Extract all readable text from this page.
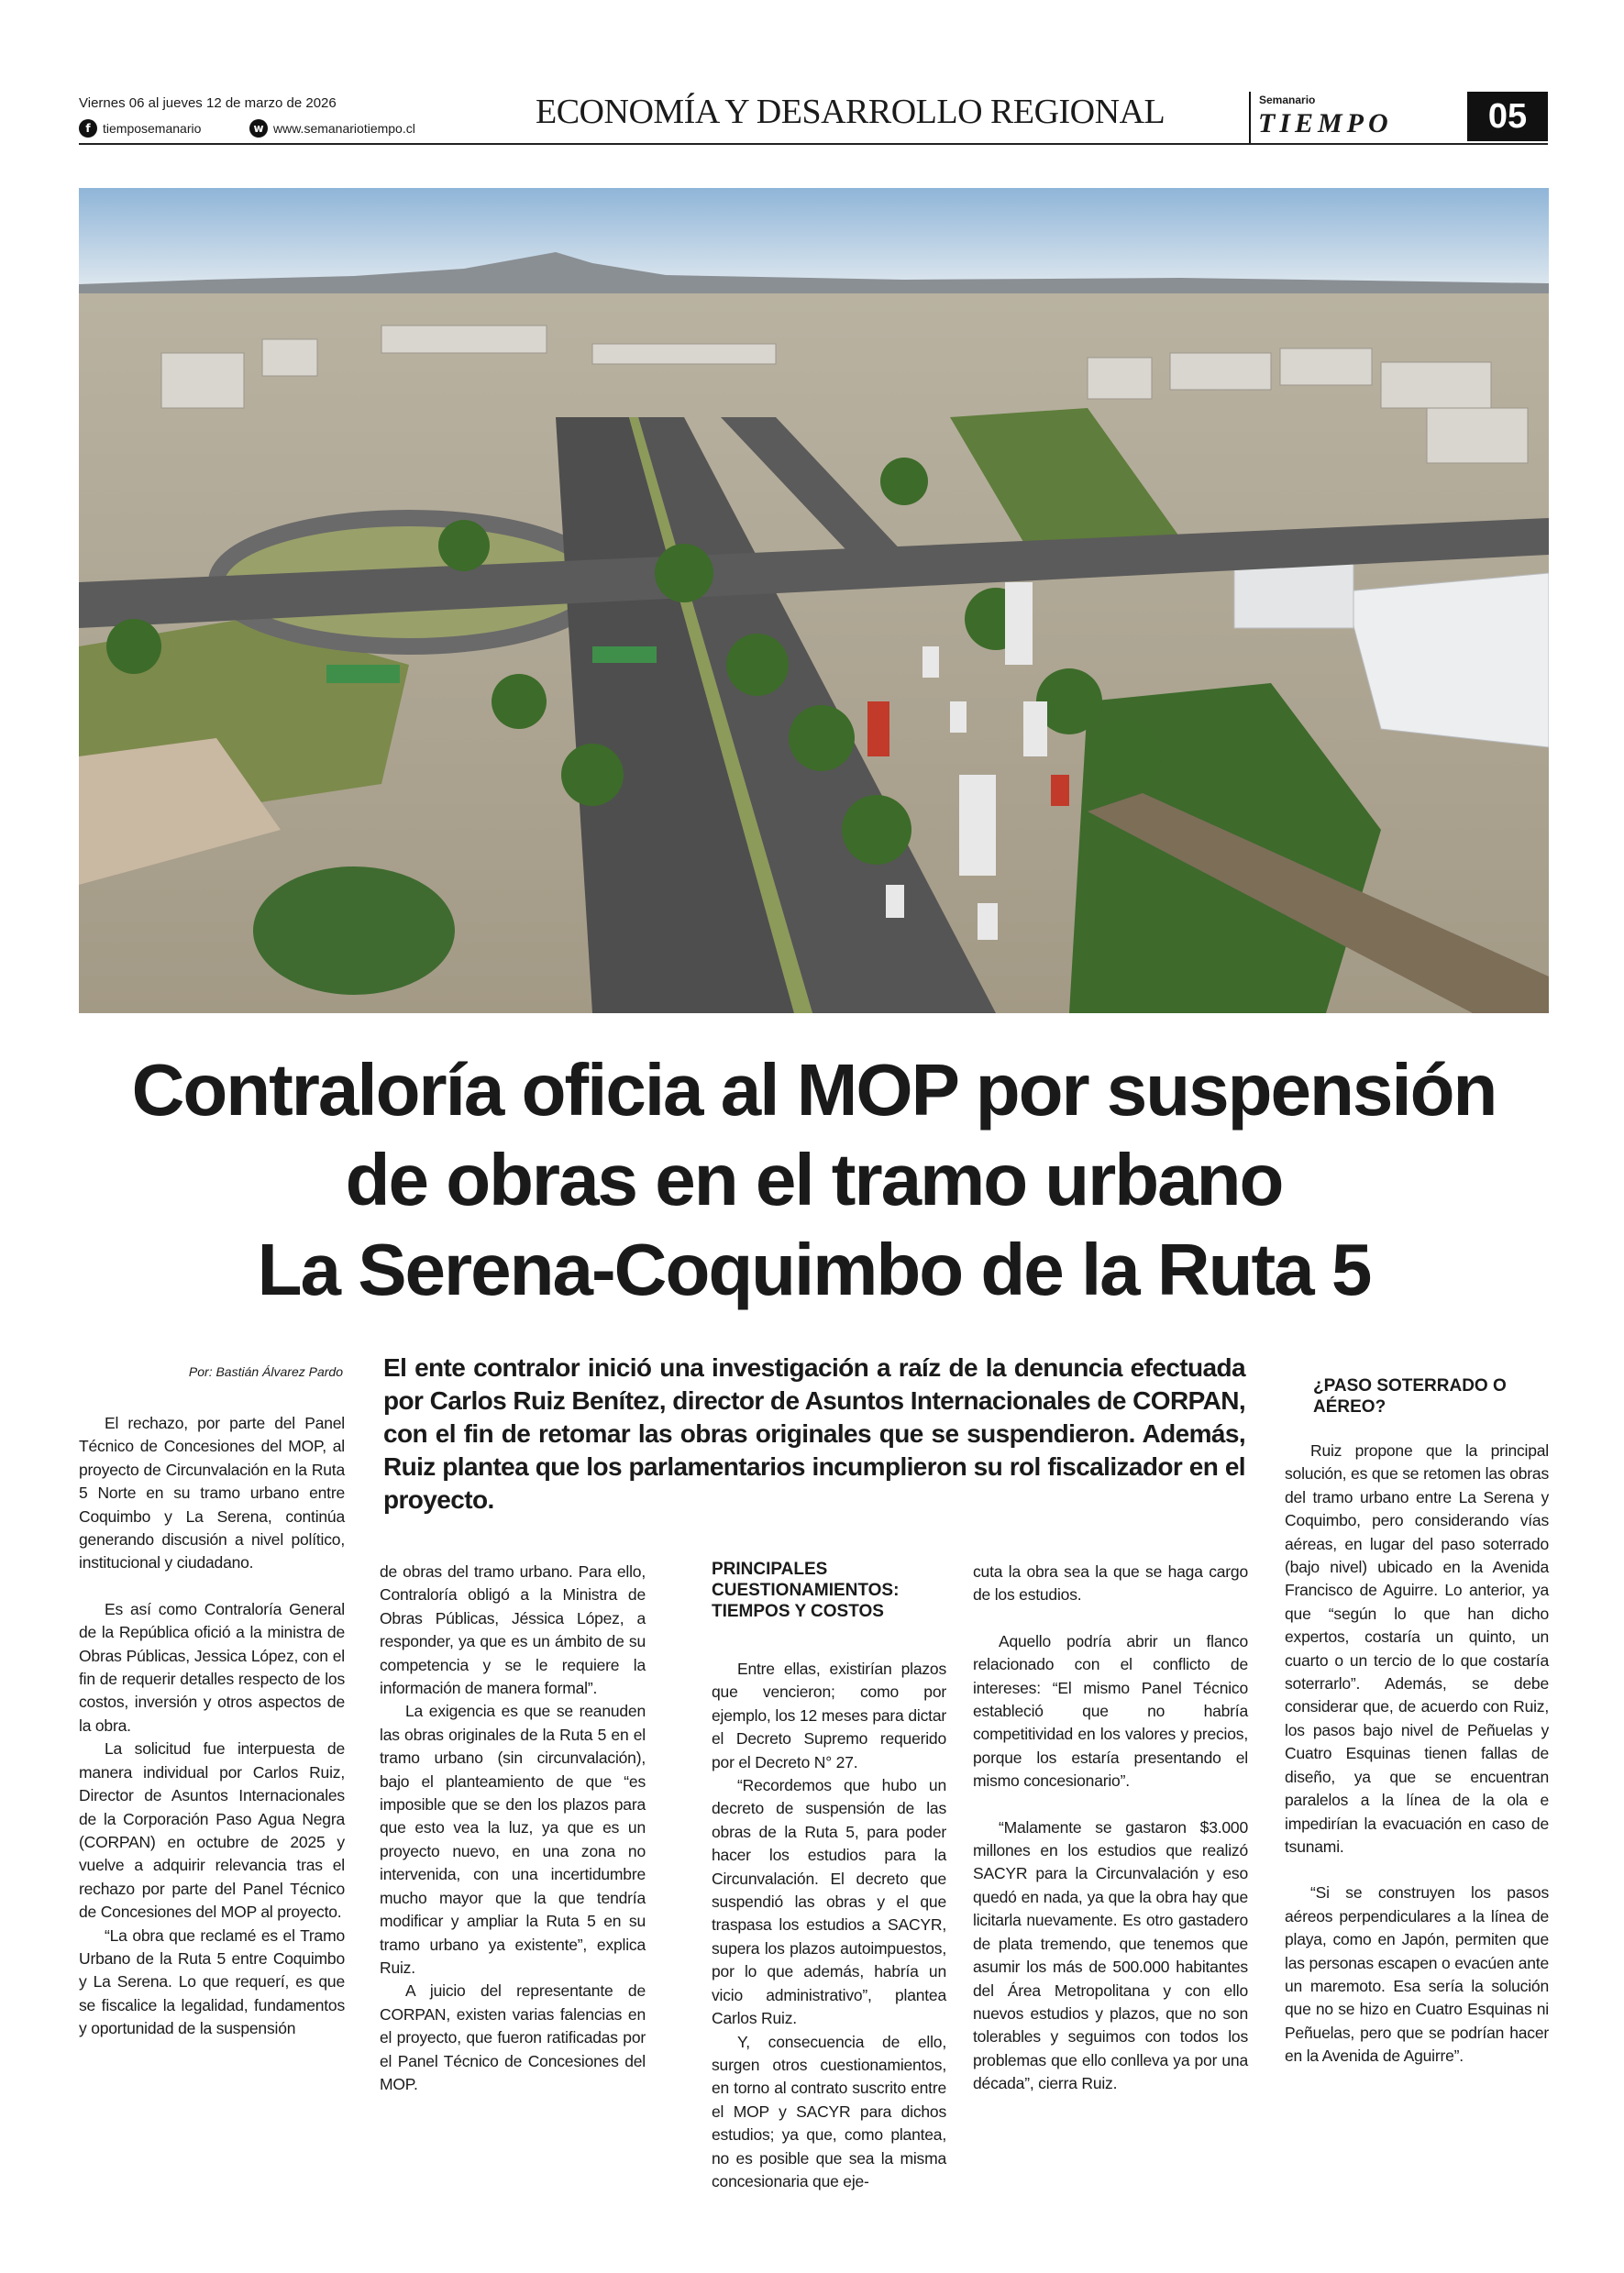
Viernes 06 al jueves 12 de marzo de 2026
f tiemposemanario	w www.semanariotiempo.cl	ECONOMÍA Y DESARROLLO REGIONAL	Semanario
TIEMPO	05
Contraloría oficia al MOP por suspensión
de obras en el tramo urbano
La Serena-Coquimbo de la Ruta 5
Por: Bastián Álvarez Pardo El ente contralor inició una investigación a raíz de la denuncia efectuada por Carlos Ruiz Benítez, director de Asuntos Internacionales de CORPAN, con el fin de retomar las obras originales que se suspendieron. Además, Ruiz plantea que los parlamentarios incumplieron su rol fiscalizador en el proyecto.

El rechazo, por parte del Panel Técnico de Concesiones del MOP, al proyecto de Circunvalación en la Ruta 5 Norte en su tramo urbano entre Coquimbo y La Serena, continúa generando discusión a nivel político, institucional y ciudadano.

Es así como Contraloría General de la República ofició a la ministra de Obras Públicas, Jessica López, con el fin de requerir detalles respecto de los costos, inversión y otros aspectos de la obra.

La solicitud fue interpuesta de manera individual por Carlos Ruiz, Director de Asuntos Internacionales de la Corporación Paso Agua Negra (CORPAN) en octubre de 2025 y vuelve a adquirir relevancia tras el rechazo por parte del Panel Técnico de Concesiones del MOP al proyecto.

“La obra que reclamé es el Tramo Urbano de la Ruta 5 entre Coquimbo y La Serena. Lo que requerí, es que se fiscalice la legalidad, fundamentos y oportunidad de la suspensión

de obras del tramo urbano. Para ello, Contraloría obligó a la Ministra de Obras Públicas, Jéssica López, a responder, ya que es un ámbito de su competencia y se le requiere la información de manera formal”.

La exigencia es que se reanuden las obras originales de la Ruta 5 en el tramo urbano (sin circunvalación), bajo el planteamiento de que “es imposible que se den los plazos para que esto vea la luz, ya que es un proyecto nuevo, en una zona no intervenida, con una incertidumbre mucho mayor que la que tendría modificar y ampliar la Ruta 5 en su tramo urbano ya existente”, explica Ruiz.

A juicio del representante de CORPAN, existen varias falencias en el proyecto, que fueron ratificadas por el Panel Técnico de Concesiones del MOP.

PRINCIPALES CUESTIONAMIENTOS: TIEMPOS Y COSTOS

Entre ellas, existirían plazos que vencieron; como por ejemplo, los 12 meses para dictar el Decreto Supremo requerido por el Decreto N° 27.

“Recordemos que hubo un decreto de suspensión de las obras de la Ruta 5, para poder hacer los estudios para la Circunvalación. El decreto que suspendió las obras y el que traspasa los estudios a SACYR, supera los plazos autoimpuestos, por lo que además, habría un vicio administrativo”, plantea Carlos Ruiz.

Y, consecuencia de ello, surgen otros cuestionamientos, en torno al contrato suscrito entre el MOP y SACYR para dichos estudios; ya que, como plantea, no es posible que sea la misma concesionaria que eje-

cuta la obra sea la que se haga cargo de los estudios.

Aquello podría abrir un flanco relacionado con el conflicto de intereses: “El mismo Panel Técnico estableció que no habría competitividad en los valores y precios, porque los estaría presentando el mismo concesionario”.

“Malamente se gastaron $3.000 millones en los estudios que realizó SACYR para la Circunvalación y eso quedó en nada, ya que la obra hay que licitarla nuevamente. Es otro gastadero de plata tremendo, que tenemos que asumir los más de 500.000 habitantes del Área Metropolitana y con ello nuevos estudios y plazos, que no son tolerables y seguimos con todos los problemas que ello conlleva ya por una década”, cierra Ruiz.

¿PASO SOTERRADO O AÉREO?

Ruiz propone que la principal solución, es que se retomen las obras del tramo urbano entre La Serena y Coquimbo, pero considerando vías aéreas, en lugar del paso soterrado (bajo nivel) ubicado en la Avenida Francisco de Aguirre. Lo anterior, ya que “según lo que han dicho expertos, costaría un quinto, un cuarto o un tercio de lo que costaría soterrarlo”. Además, se debe considerar que, de acuerdo con Ruiz, los pasos bajo nivel de Peñuelas y Cuatro Esquinas tienen fallas de diseño, ya que se encuentran paralelos a la línea de la ola e impedirían la evacuación en caso de tsunami.

“Si se construyen los pasos aéreos perpendiculares a la línea de playa, como en Japón, permiten que las personas escapen o evacúen ante un maremoto. Esa sería la solución que no se hizo en Cuatro Esquinas ni Peñuelas, pero que se podrían hacer en la Avenida de Aguirre”.
